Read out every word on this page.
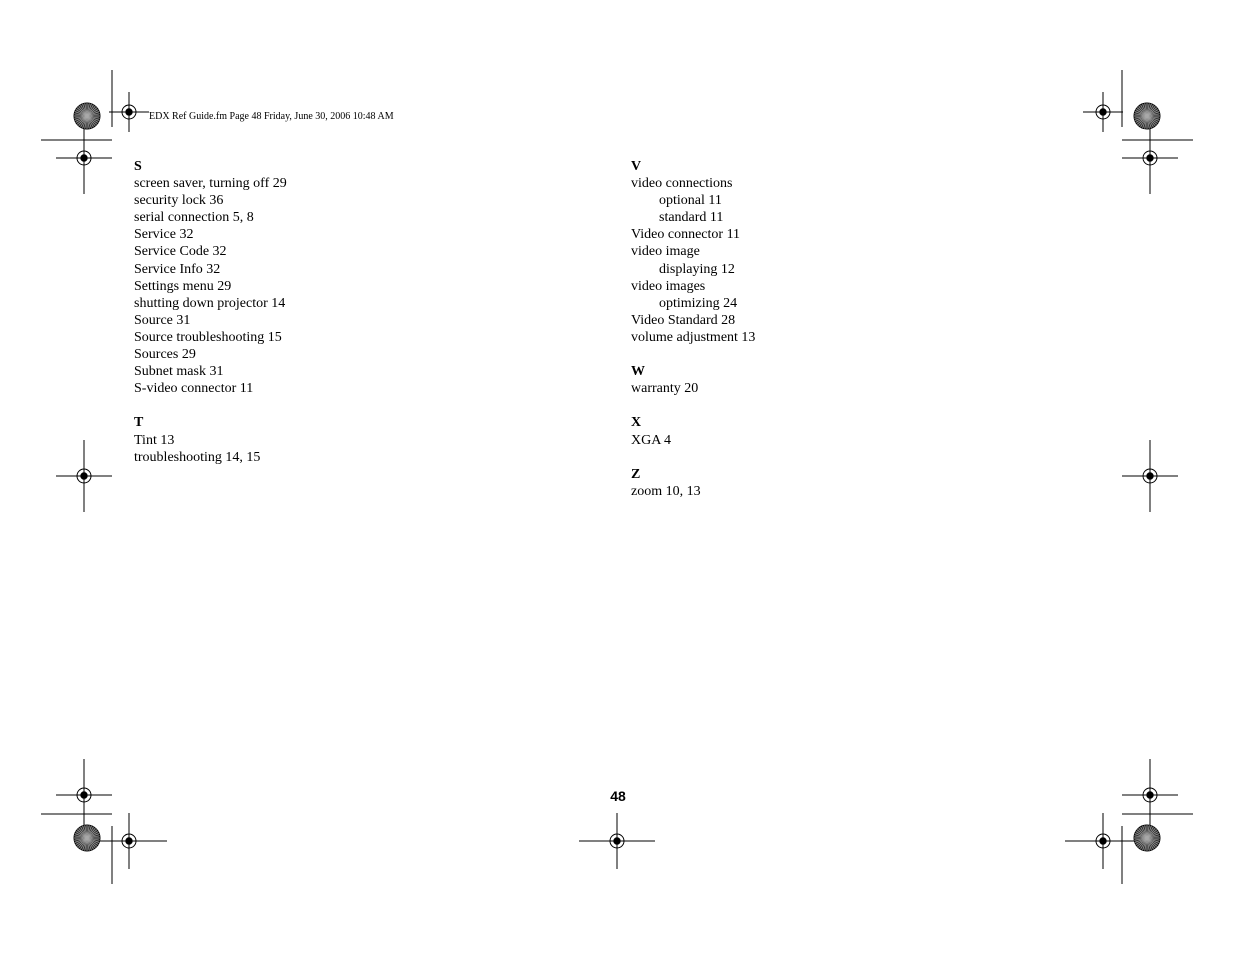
EDX Ref Guide.fm Page 48 Friday, June 30, 2006 10:48 AM
S
screen saver, turning off 29
security lock 36
serial connection 5, 8
Service 32
Service Code 32
Service Info 32
Settings menu 29
shutting down projector 14
Source 31
Source troubleshooting 15
Sources 29
Subnet mask 31
S-video connector 11
T
Tint 13
troubleshooting 14, 15
V
video connections
optional 11
standard 11
Video connector 11
video image
displaying 12
video images
optimizing 24
Video Standard 28
volume adjustment 13
W
warranty 20
X
XGA 4
Z
zoom 10, 13
48
